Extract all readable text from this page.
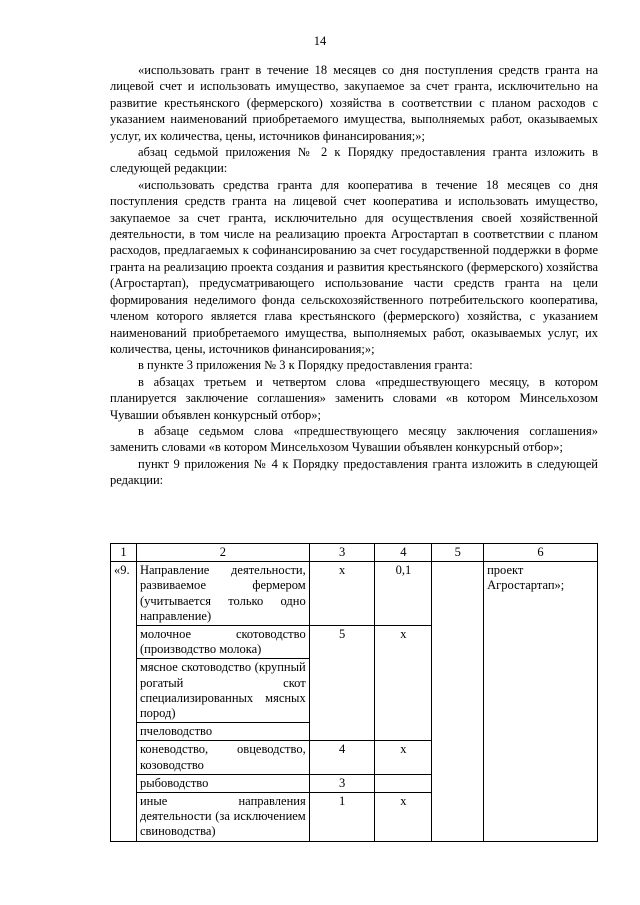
14

«использовать грант в течение 18 месяцев со дня поступления средств гранта на лицевой счет и использовать имущество, закупаемое за счет гранта, исключительно на развитие крестьянского (фермерского) хозяйства в соответствии с планом расходов с указанием наименований приобретаемого имущества, выполняемых работ, оказываемых услуг, их количества, цены, источников финансирования;»;

абзац седьмой приложения № 2 к Порядку предоставления гранта изложить в следующей редакции:

«использовать средства гранта для кооператива в течение 18 месяцев со дня поступления средств гранта на лицевой счет кооператива и использовать имущество, закупаемое за счет гранта, исключительно для осуществления своей хозяйственной деятельности, в том числе на реализацию проекта Агростартап в соответствии с планом расходов, предлагаемых к софинансированию за счет государственной поддержки в форме гранта на реализацию проекта создания и развития крестьянского (фермерского) хозяйства (Агростартап), предусматривающего использование части средств гранта на цели формирования неделимого фонда сельскохозяйственного потребительского кооператива, членом которого является глава крестьянского (фермерского) хозяйства, с указанием наименований приобретаемого имущества, выполняемых работ, оказываемых услуг, их количества, цены, источников финансирования;»;

в пункте 3 приложения № 3 к Порядку предоставления гранта:

в абзацах третьем и четвертом слова «предшествующего месяцу, в котором планируется заключение соглашения» заменить словами «в котором Минсельхозом Чувашии объявлен конкурсный отбор»;

в абзаце седьмом слова «предшествующего месяцу заключения соглашения» заменить словами «в котором Минсельхозом Чувашии объявлен конкурсный отбор»;

пункт 9 приложения № 4 к Порядку предоставления гранта изложить в следующей редакции:

1	2	3	4	5	6
«9.	Направление деятельности, развиваемое фермером (учитывается только одно направление)	х	0,1		проект Агростартап»;
	молочное скотоводство (производство молока)	5	х		
	мясное скотоводство (крупный рогатый скот специализированных мясных пород)				
	пчеловодство				
	коневодство, овцеводство, козоводство	4	х		
	рыбоводство	3			
	иные направления деятельности (за исключением свиноводства)	1	х		
